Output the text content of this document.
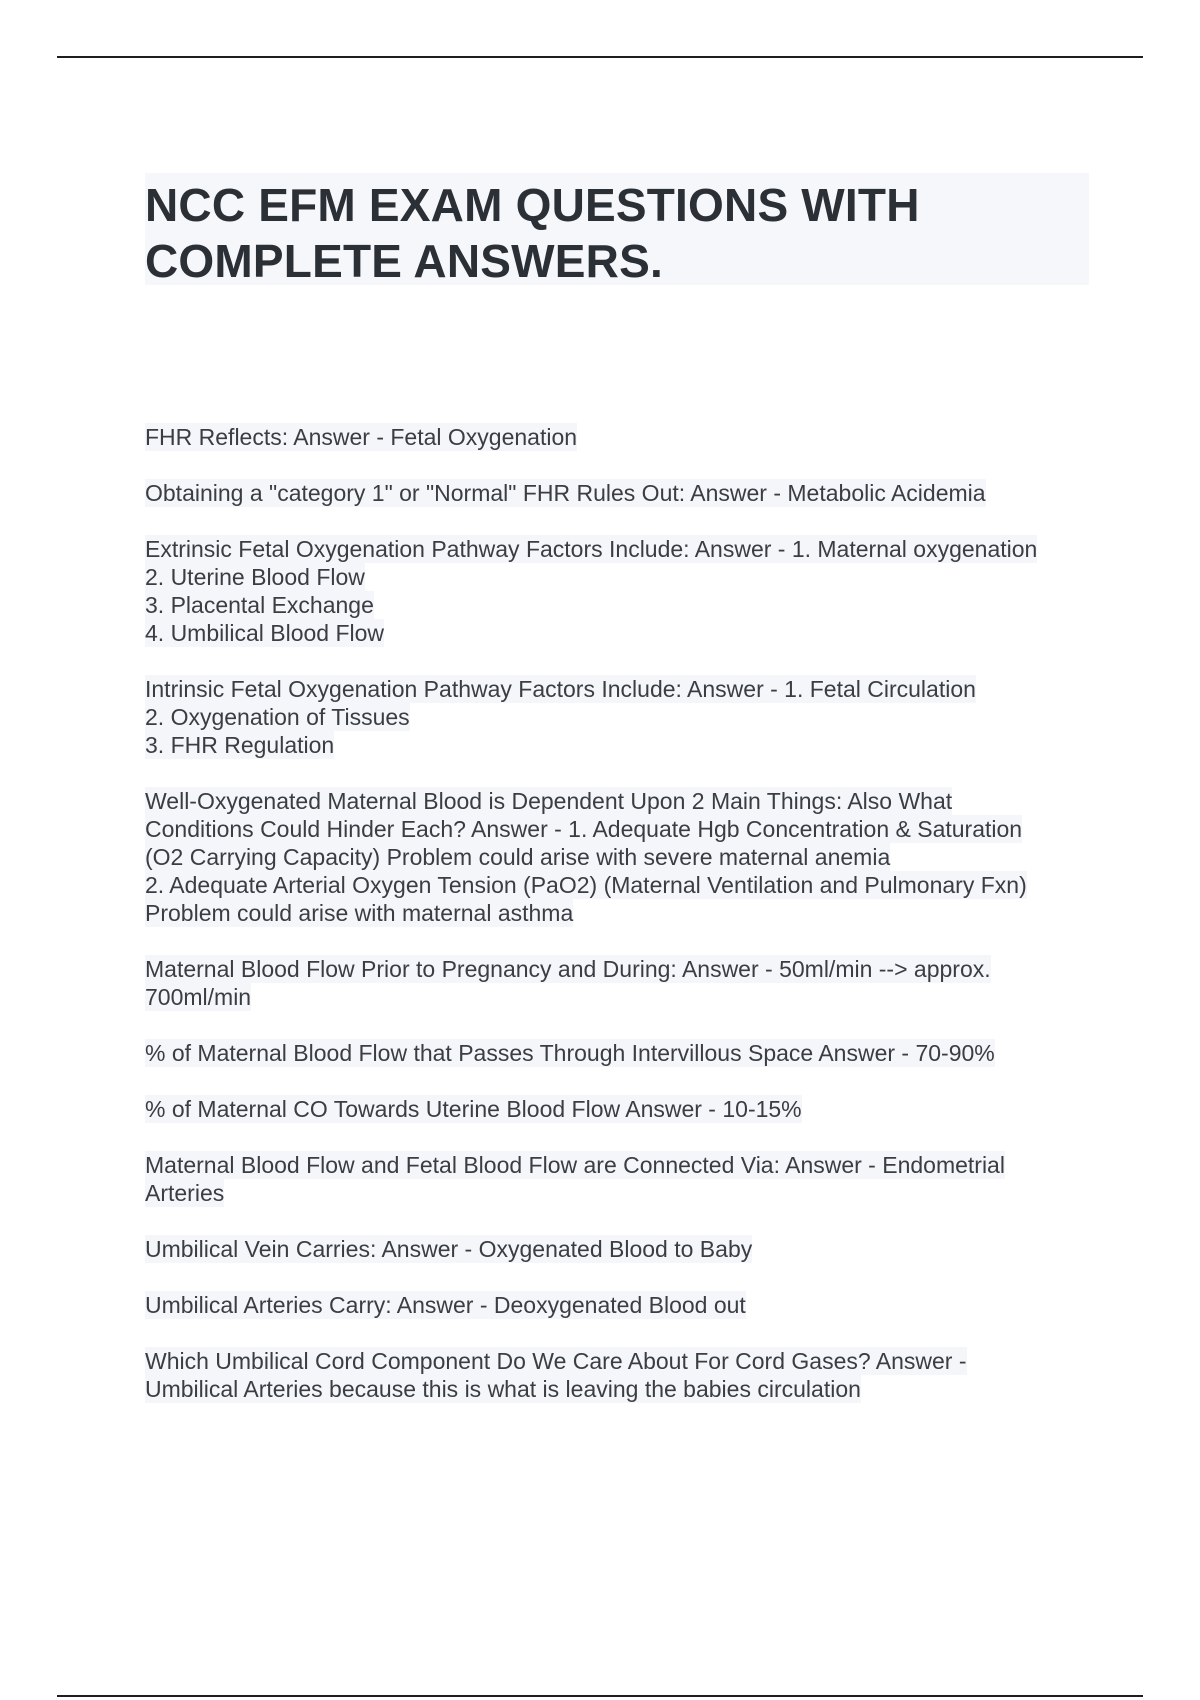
NCC EFM EXAM QUESTIONS WITH
COMPLETE ANSWERS.
FHR Reflects: Answer - Fetal Oxygenation
Obtaining a "category 1" or "Normal" FHR Rules Out: Answer - Metabolic Acidemia
Extrinsic Fetal Oxygenation Pathway Factors Include: Answer - 1. Maternal oxygenation
2. Uterine Blood Flow
3. Placental Exchange
4. Umbilical Blood Flow
Intrinsic Fetal Oxygenation Pathway Factors Include: Answer - 1. Fetal Circulation
2. Oxygenation of Tissues
3. FHR Regulation
Well-Oxygenated Maternal Blood is Dependent Upon 2 Main Things: Also What
Conditions Could Hinder Each? Answer - 1. Adequate Hgb Concentration & Saturation
(O2 Carrying Capacity) Problem could arise with severe maternal anemia
2. Adequate Arterial Oxygen Tension (PaO2) (Maternal Ventilation and Pulmonary Fxn)
Problem could arise with maternal asthma
Maternal Blood Flow Prior to Pregnancy and During: Answer - 50ml/min --> approx.
700ml/min
% of Maternal Blood Flow that Passes Through Intervillous Space Answer - 70-90%
% of Maternal CO Towards Uterine Blood Flow Answer - 10-15%
Maternal Blood Flow and Fetal Blood Flow are Connected Via: Answer - Endometrial
Arteries
Umbilical Vein Carries: Answer - Oxygenated Blood to Baby
Umbilical Arteries Carry: Answer - Deoxygenated Blood out
Which Umbilical Cord Component Do We Care About For Cord Gases? Answer -
Umbilical Arteries because this is what is leaving the babies circulation
